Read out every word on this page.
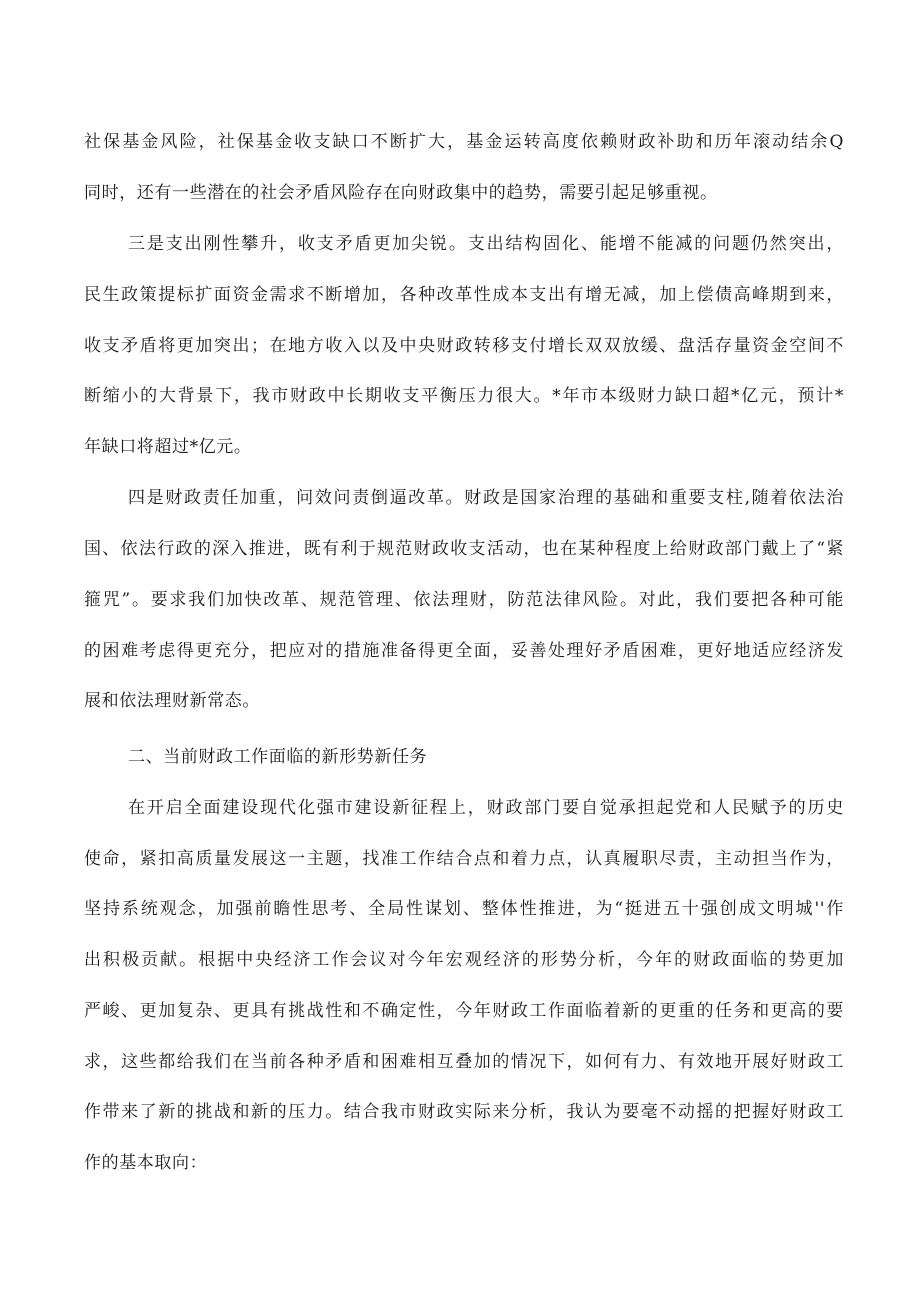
社保基金风险，社保基金收支缺口不断扩大，基金运转高度依赖财政补助和历年滚动结余Q
同时，还有一些潜在的社会矛盾风险存在向财政集中的趋势，需要引起足够重视。
三是支出刚性攀升，收支矛盾更加尖锐。支出结构固化、能增不能减的问题仍然突出，
民生政策提标扩面资金需求不断增加，各种改革性成本支出有增无减，加上偿债高峰期到来，
收支矛盾将更加突出；在地方收入以及中央财政转移支付增长双双放缓、盘活存量资金空间不
断缩小的大背景下，我市财政中长期收支平衡压力很大。*年市本级财力缺口超*亿元，预计*
年缺口将超过*亿元。
四是财政责任加重，问效问责倒逼改革。财政是国家治理的基础和重要支柱,随着依法治
国、依法行政的深入推进，既有利于规范财政收支活动，也在某种程度上给财政部门戴上了“紧
箍咒”。要求我们加快改革、规范管理、依法理财，防范法律风险。对此，我们要把各种可能
的困难考虑得更充分，把应对的措施准备得更全面，妥善处理好矛盾困难，更好地适应经济发
展和依法理财新常态。
二、当前财政工作面临的新形势新任务
在开启全面建设现代化强市建设新征程上，财政部门要自觉承担起党和人民赋予的历史
使命，紧扣高质量发展这一主题，找准工作结合点和着力点，认真履职尽责，主动担当作为，
坚持系统观念，加强前瞻性思考、全局性谋划、整体性推进，为“挺进五十强创成文明城''作
出积极贡献。根据中央经济工作会议对今年宏观经济的形势分析，今年的财政面临的势更加
严峻、更加复杂、更具有挑战性和不确定性，今年财政工作面临着新的更重的任务和更高的要
求，这些都给我们在当前各种矛盾和困难相互叠加的情况下，如何有力、有效地开展好财政工
作带来了新的挑战和新的压力。结合我市财政实际来分析，我认为要毫不动摇的把握好财政工
作的基本取向：
